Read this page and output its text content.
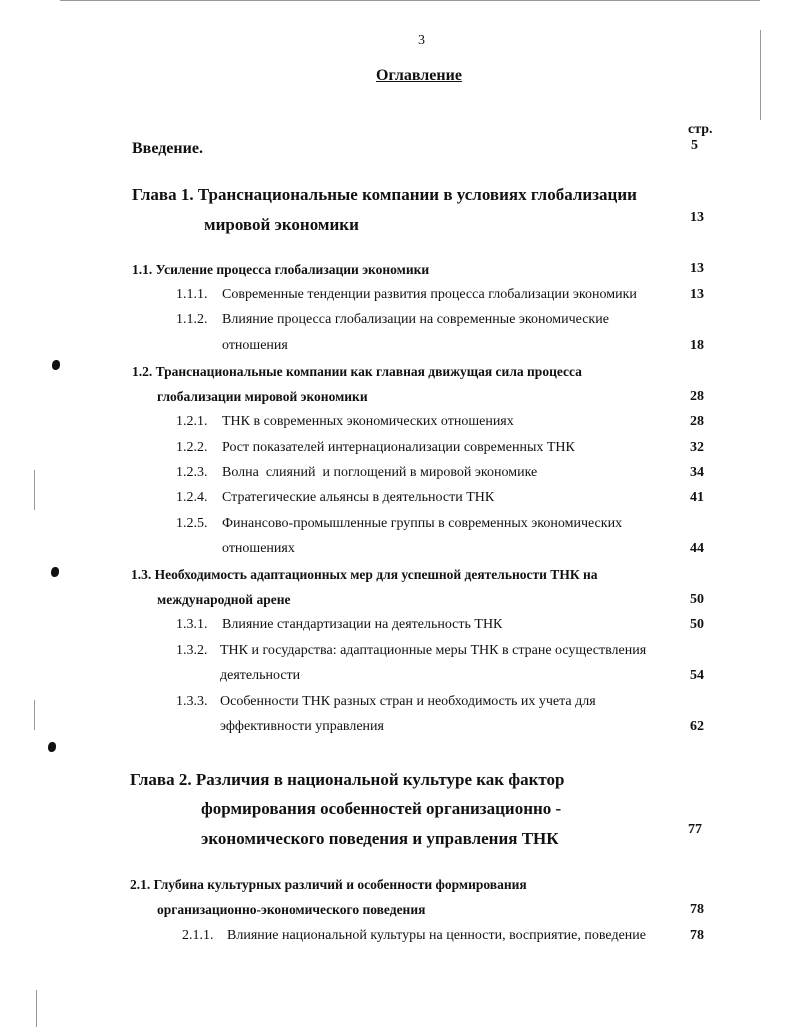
3
Оглавление
стр.
Введение.	5
Глава 1. Транснациональные компании в условиях глобализации
мировой экономики	13
1.1. Усиление процесса глобализации экономики	13
1.1.1. Современные тенденции развития процесса глобализации экономики	13
1.1.2. Влияние процесса глобализации на современные экономические
отношения	18
1.2. Транснациональные компании как главная движущая сила процесса
глобализации мировой экономики	28
1.2.1. ТНК в современных экономических отношениях	28
1.2.2. Рост показателей интернационализации современных ТНК	32
1.2.3. Волна  слияний  и поглощений в мировой экономике	34
1.2.4. Стратегические альянсы в деятельности ТНК	41
1.2.5. Финансово-промышленные группы в современных экономических
отношениях	44
1.3. Необходимость адаптационных мер для успешной деятельности ТНК на
международной арене	50
1.3.1. Влияние стандартизации на деятельность ТНК	50
1.3.2. ТНК и государства: адаптационные меры ТНК в стране осуществления
деятельности	54
1.3.3. Особенности ТНК разных стран и необходимость их учета для
эффективности управления	62
Глава 2. Различия в национальной культуре как фактор
формирования особенностей организационно -
экономического поведения и управления ТНК	77
2.1. Глубина культурных различий и особенности формирования
организационно-экономического поведения	78
2.1.1. Влияние национальной культуры на ценности, восприятие, поведение	78
